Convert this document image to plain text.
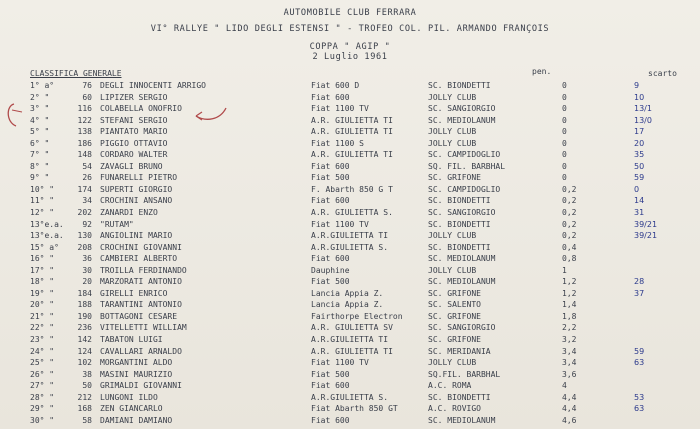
AUTOMOBILE CLUB FERRARA
VI° RALLYE " LIDO DEGLI ESTENSI " - TROFEO COL. PIL. ARMANDO FRANÇOIS
COPPA " AGIP "
2 Luglio 1961
CLASSIFICA GENERALE	pen.	scarto
1° a°	76	DEGLI INNOCENTI ARRIGO	Fiat 600 D	SC. BIONDETTI	0	9
2° "	60	LIPIZER SERGIO	Fiat 600	JOLLY CLUB	0	10
3° "	116	COLABELLA ONOFRIO	Fiat 1100 TV	SC. SANGIORGIO	0	13/1
4° "	122	STEFANI SERGIO	A.R. GIULIETTA TI	SC. MEDIOLANUM	0	13/0
5° "	138	PIANTATO MARIO	A.R. GIULIETTA TI	JOLLY CLUB	0	17
6° "	186	PIGGIO OTTAVIO	Fiat 1100 S	JOLLY CLUB	0	20
7° "	148	CORDARO WALTER	A.R. GIULIETTA TI	SC. CAMPIDOGLIO	0	35
8° "	54	ZAVAGLI BRUNO	Fiat 600	SQ. FIL. BARBHAL	0	50
9° "	26	FUNARELLI PIETRO	Fiat 500	SC. GRIFONE	0	59
10° "	174	SUPERTI GIORGIO	F. Abarth 850 G T	SC. CAMPIDOGLIO	0,2	0
11° "	34	CROCHINI ANSANO	Fiat 600	SC. BIONDETTI	0,2	14
12° "	202	ZANARDI ENZO	A.R. GIULIETTA S.	SC. SANGIORGIO	0,2	31
13°e.a.	92	"RUTAM"	Fiat 1100 TV	SC. BIONDETTI	0,2	39/21
13°e.a.	130	ANGIOLINI MARIO	A.R.GIULIETTA TI	JOLLY CLUB	0,2	39/21
15° a°	208	CROCHINI GIOVANNI	A.R.GIULIETTA S.	SC. BIONDETTI	0,4	
16° "	36	CAMBIERI ALBERTO	Fiat 600	SC. MEDIOLANUM	0,8	
17° "	30	TROILLA FERDINANDO	Dauphine	JOLLY CLUB	1	
18° "	20	MARZORATI ANTONIO	Fiat 500	SC. MEDIOLANUM	1,2	28
19° "	184	GIRELLI ENRICO	Lancia Appia Z.	SC. GRIFONE	1,2	37
20° "	188	TARANTINI ANTONIO	Lancia Appia Z.	SC. SALENTO	1,4	
21° "	190	BOTTAGONI CESARE	Fairthorpe Electron	SC. GRIFONE	1,8	
22° "	236	VITELLETTI WILLIAM	A.R. GIULIETTA SV	SC. SANGIORGIO	2,2	
23° "	142	TABATON LUIGI	A.R.GIULIETTA TI	SC. GRIFONE	3,2	
24° "	124	CAVALLARI ARNALDO	A.R. GIULIETTA TI	SC. MERIDANIA	3,4	59
25° "	102	MORGANTINI ALDO	Fiat 1100 TV	JOLLY CLUB	3,4	63
26° "	38	MASINI MAURIZIO	Fiat 500	SQ.FIL. BARBHAL	3,6	
27° "	50	GRIMALDI GIOVANNI	Fiat 600	A.C. ROMA	4	
28° "	212	LUNGONI ILDO	A.R.GIULIETTA S.	SC. BIONDETTI	4,4	53
29° "	168	ZEN GIANCARLO	Fiat Abarth 850 GT	A.C. ROVIGO	4,4	63
30° "	58	DAMIANI DAMIANO	Fiat 600	SC. MEDIOLANUM	4,6	
